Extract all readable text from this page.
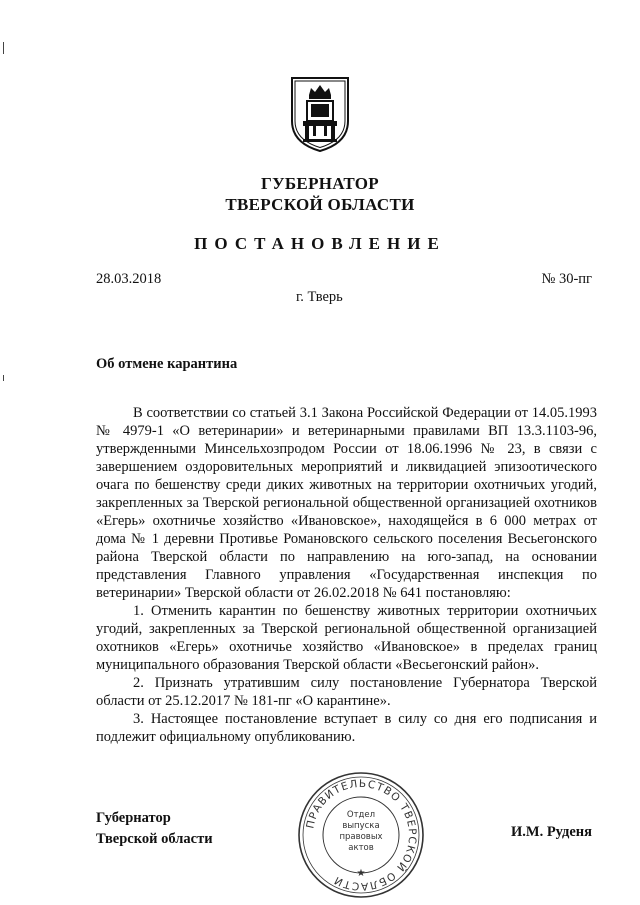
ГУБЕРНАТОР
ТВЕРСКОЙ ОБЛАСТИ
ПОСТАНОВЛЕНИЕ
28.03.2018	№ 30-пг
г. Тверь
Об отмене карантина

В соответствии со статьей 3.1 Закона Российской Федерации от 14.05.1993 № 4979-1 «О ветеринарии» и ветеринарными правилами ВП 13.3.1103-96, утвержденными Минсельхозпродом России от 18.06.1996 № 23, в связи с завершением оздоровительных мероприятий и ликвидацией эпизоотического очага по бешенству среди диких животных на территории охотничьих угодий, закрепленных за Тверской региональной общественной организацией охотников «Егерь» охотничье хозяйство «Ивановское», находящейся в 6 000 метрах от дома № 1 деревни Противье Романовского сельского поселения Весьегонского района Тверской области по направлению на юго-запад, на основании представления Главного управления «Государственная инспекция по ветеринарии» Тверской области от 26.02.2018 № 641 постановляю:

1. Отменить карантин по бешенству животных территории охотничьих угодий, закрепленных за Тверской региональной общественной организацией охотников «Егерь» охотничье хозяйство «Ивановское» в пределах границ муниципального образования Тверской области «Весьегонский район».

2. Признать утратившим силу постановление Губернатора Тверской области от 25.12.2017 № 181-пг «О карантине».

3. Настоящее постановление вступает в силу со дня его подписания и подлежит официальному опубликованию.

Губернатор
Тверской области	И.М. Руденя
ПРАВИТЕЛЬСТВО ТВЕРСКОЙ ОБЛАСТИ	★
Отдел
выпуска
правовых
актов
